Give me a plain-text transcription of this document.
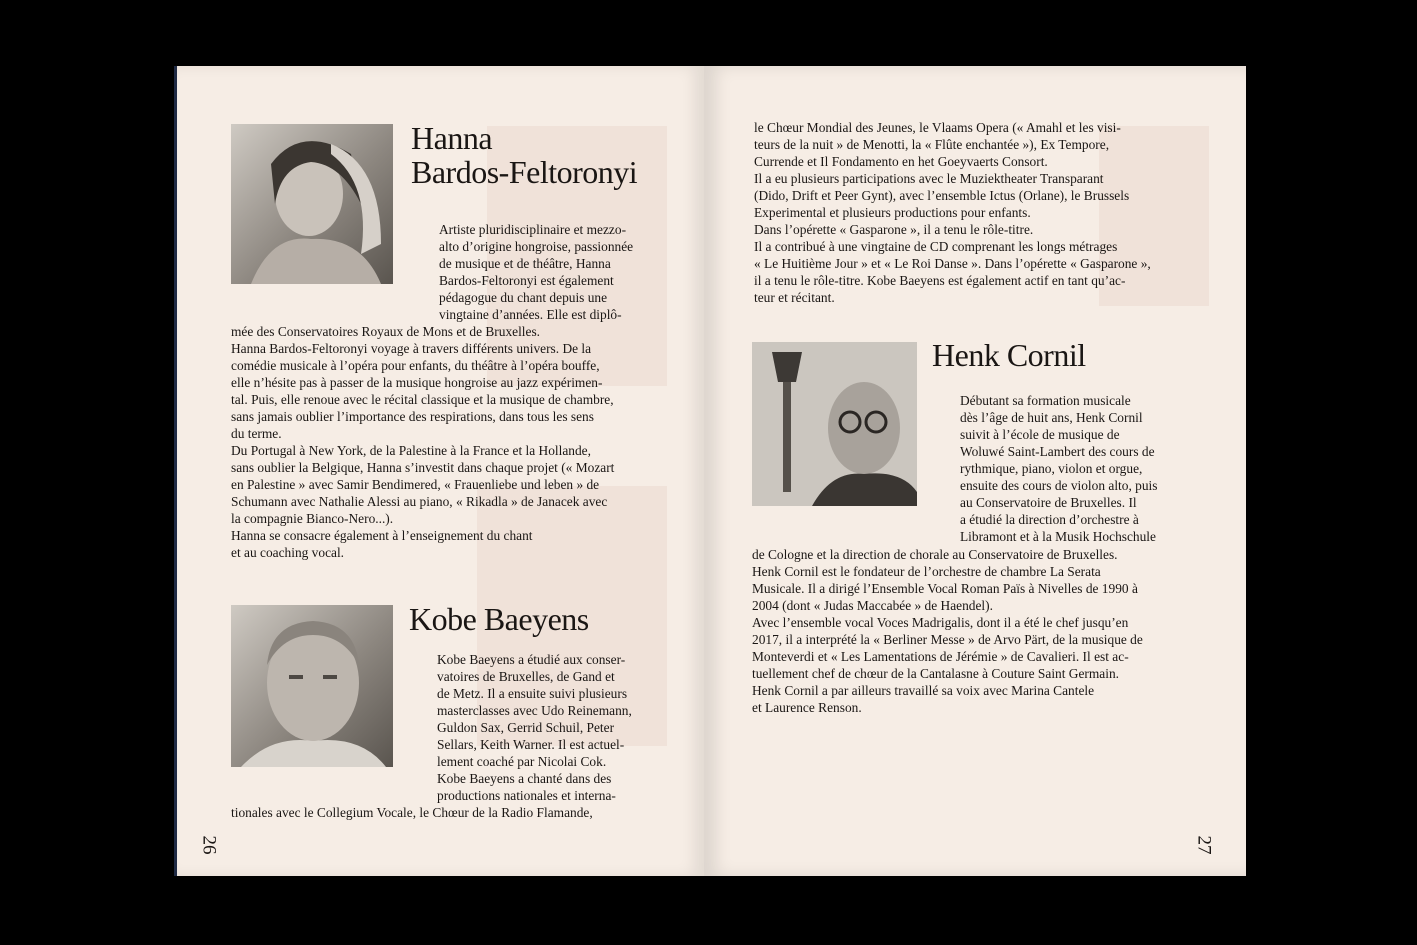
Hanna
Bardos-Feltoronyi
Artiste pluridisciplinaire et mezzo-
alto d’origine hongroise, passionnée
de musique et de théâtre, Hanna
Bardos-Feltoronyi est également
pédagogue du chant depuis une
vingtaine d’années. Elle est diplô-
mée des Conservatoires Royaux de Mons et de Bruxelles.
Hanna Bardos-Feltoronyi voyage à travers différents univers. De la
comédie musicale à l’opéra pour enfants, du théâtre à l’opéra bouffe,
elle n’hésite pas à passer de la musique hongroise au jazz expérimen-
tal. Puis, elle renoue avec le récital classique et la musique de chambre,
sans jamais oublier l’importance des respirations, dans tous les sens
du terme.
Du Portugal à New York, de la Palestine à la France et la Hollande,
sans oublier la Belgique, Hanna s’investit dans chaque projet (« Mozart
en Palestine » avec Samir Bendimered, « Frauenliebe und leben » de
Schumann avec Nathalie Alessi au piano, « Rikadla » de Janacek avec
la compagnie Bianco-Nero...).
Hanna se consacre également à l’enseignement du chant
et au coaching vocal.
Kobe Baeyens
Kobe Baeyens a étudié aux conser-
vatoires de Bruxelles, de Gand et
de Metz. Il a ensuite suivi plusieurs
masterclasses avec Udo Reinemann,
Guldon Sax, Gerrid Schuil, Peter
Sellars, Keith Warner. Il est actuel-
lement coaché par Nicolai Cok.
Kobe Baeyens a chanté dans des
productions nationales et interna-
tionales avec le Collegium Vocale, le Chœur de la Radio Flamande,
26
le Chœur Mondial des Jeunes, le Vlaams Opera (« Amahl et les visi-
teurs de la nuit » de Menotti, la « Flûte enchantée »), Ex Tempore,
Currende et Il Fondamento en het Goeyvaerts Consort.
Il a eu plusieurs participations avec le Muziektheater Transparant
(Dido, Drift et Peer Gynt), avec l’ensemble Ictus (Orlane), le Brussels
Experimental et plusieurs productions pour enfants.
Dans l’opérette « Gasparone », il a tenu le rôle-titre.
Il a contribué à une vingtaine de CD comprenant les longs métrages
« Le Huitième Jour » et « Le Roi Danse ». Dans l’opérette « Gasparone »,
il a tenu le rôle-titre. Kobe Baeyens est également actif en tant qu’ac-
teur et récitant.
Henk Cornil
Débutant sa formation musicale
dès l’âge de huit ans, Henk Cornil
suivit à l’école de musique de
Woluwé Saint-Lambert des cours de
rythmique, piano, violon et orgue,
ensuite des cours de violon alto, puis
au Conservatoire de Bruxelles. Il
a étudié la direction d’orchestre à
Libramont et à la Musik Hochschule
de Cologne et la direction de chorale au Conservatoire de Bruxelles.
Henk Cornil est le fondateur de l’orchestre de chambre La Serata
Musicale. Il a dirigé l’Ensemble Vocal Roman Païs à Nivelles de 1990 à
2004 (dont « Judas Maccabée » de Haendel).
Avec l’ensemble vocal Voces Madrigalis, dont il a été le chef jusqu’en
2017, il a interprété la « Berliner Messe » de Arvo Pärt, de la musique de
Monteverdi et « Les Lamentations de Jérémie » de Cavalieri. Il est ac-
tuellement chef de chœur de la Cantalasne à Couture Saint Germain.
Henk Cornil a par ailleurs travaillé sa voix avec Marina Cantele
et Laurence Renson.
27
